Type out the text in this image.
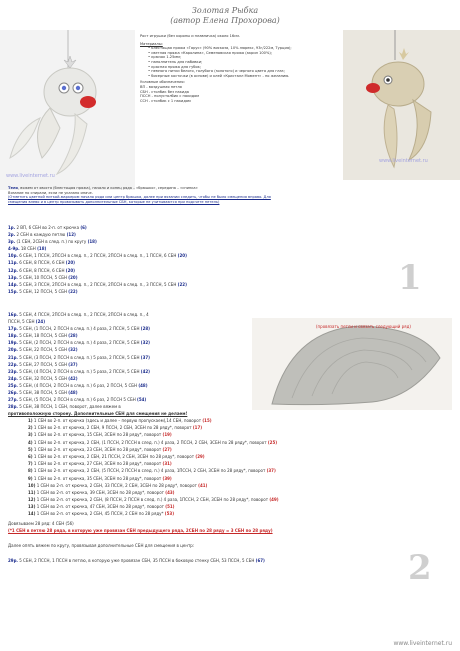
Золотая Рыбка
(автор Елена Прохорова)
www.liveinternet.ru
www.liveinternet.ru
Рост игрушки (без короны и плавничка) около 16см.
Материалы:
• блестящая пряжа «Гарус» (90% вискоза, 10% люрекс, 93г/222м, Турция);
• светлая пряжа «Каролина», Семеновская пряжа (акрил 100%);
• крючок 1.25мм;
• наполнитель для набивки;
• красная пряжа для губок;
• немного нитки белого, голубого (золотого) и черного цвета для глаз;
• бисерные косточки (в основе) и клей «Кристалл Момент» - по желанию.
Условные обозначения:
ВП - воздушная петля
СБН - столбик без накида
ПССН - полустолбик с накидом
ССН - столбик с 1 накидом
Тело, вяжем от хвоста (блестящая пряжа), начало и конец ряда – «брюшко», середина – «спинка»
Вязание по спирали, если не указано иначе.
(Отметить цветной ниткой-маркером начало ряда или центр брюшка, далее при вязании следить, чтобы не было смещения вправо. Для
смещения влево и в центр провязывать дополнительные СБН, которые не учитываются при подсчете петель)
1р. 2 ВП, 6 СБН во 2-п. от крючка (6)
2р. 2 СБН в каждую петлю (12)
3р. (1 СБН, 2СБН в след. п.) по кругу (18)
4-9р. 18 СБН (18)
10р. 6 СБН, 1 ПССН, 2ПССН в след. п., 2 ПССН, 2ПССН в след. п., 1 ПССН, 6 СБН (20)
11р. 6 СБН, 8 ПССН, 6 СБН (20)
12р. 6 СБН, 8 ПССН, 6 СБН (20)
13р. 5 СБН, 10 ПССН, 5 СБН (20)
14р. 5 СБН, 3 ПССН, 2ПССН в след. п., 2 ПССН, 2ПССН в след. п., 3 ПССН, 5 СБН (22)
15р. 5 СБН, 12 ПССН, 5 СБН (22)	1
(провязать петли и связать следующий ряд)
16р. 5 СБН, 4 ПССН, 2ПССН в след. п., 2 ПССН, 2ПССН в след. п., 4
ПССН, 5 СБН (24)
17р. 5 СБН, (1 ПССН, 2 ПССН в след. п.) 4 раза, 2 ПССН, 5 СБН (28)
18р. 5 СБН, 18 ПССН, 5 СБН (28)
19р. 5 СБН, (2 ПССН, 2 ПССН в след. п.) 4 раза, 2 ПССН, 5 СБН (32)
20р. 5 СБН, 22 ПССН, 5 СБН (32)
21р. 5 СБН, (3 ПССН, 2 ПССН в след. п.) 5 раза, 2 ПССН, 5 СБН (37)
22р. 5 СБН, 27 ПССН, 5 СБН (37)
23р. 5 СБН, (4 ПССН, 2 ПССН в след. п.) 5 раза, 2 ПССН, 5 СБН (42)
24р. 5 СБН, 32 ПССН, 5 СБН (42)
25р. 5 СБН, (4 ПССН, 2 ПССН в след. п.) 6 раз, 2 ПССН, 5 СБН (48)
26р. 5 СБН, 38 ПССН, 5 СБН (48)
27р. 5 СБН, (5 ПССН, 2 ПССН в след. п.) 6 раз, 2 ПССН 5 СБН (54)
28р. 5 СБН, 38 ПССН, 1 СБН, поворот, далее вяжем в
противоположную сторону. Дополнительные СБН для смещения не делаем!
1) 1 СБН во 2-п. от крючка (здесь и далее – первую пропускаем),14 СБН, поворот (15)
2) 1 СБН во 2-п. от крючка, 2 СБН, 9 ПССН, 2 СБН, 3СБН по 28 ряду*, поворот (17)
3) 1 СБН во 2-п. от крючка, 15 СБН, 3СБН по 28 ряду*, поворот (19)
4) 1 СБН во 2-п. от крючка, 2 СБН, (1 ПССН, 2 ПССН в след. п.) 4 раза, 2 ПССН, 2 СБН, 3СБН по 28 ряду*, поворот (25)
5) 1 СБН во 2-п. от крючка, 23 СБН, 3СБН по 28 ряду*, поворот (27)
6) 1 СБН во 2-п. от крючка, 2 СБН, 21 ПССН, 2 СБН, 3СБН по 28 ряду*, поворот (29)
7) 1 СБН во 2-п. от крючка, 27 СБН, 3СБН по 28 ряду*, поворот (31)
8) 1 СБН во 2-п. от крючка, 2 СБН, (5 ПССН, 2 ПССН в след. п.) 4 раза, 1ПССН, 2 СБН, 3СБН по 28 ряду*, поворот (37)
9) 1 СБН во 2-п. от крючка, 35 СБН, 3СБН по 28 ряду*, поворот (39)
10) 1 СБН во 2-п. от крючка, 2 СБН, 33 ПССН, 2 СБН, 3СБН по 28 ряду*, поворот (41)
11) 1 СБН во 2-п. от крючка, 39 СБН, 3СБН по 28 ряду*, поворот (43)
12) 1 СБН во 2-п. от крючка, 2 СБН, (8 ПССН, 2 ПССН в след. п.) 4 раза, 1ПССН, 2 СБН, 3СБН по 28 ряду*, поворот (49)
13) 1 СБН во 2-п. от крючка, 47 СБН, 3СБН по 28 ряду*, поворот (51)
14) 1 СБН во 2-п. от крючка, 2 СБН, 45 ПССН, 2 СБН по 28 ряду* (53)
Довязываем 28 ряд: 4 СБН (56)
(*1 СБН в петлю 28 ряда, в которую уже провязан СБН предыдущего ряда, 2СБН по 28 ряду = 3 СБН по 28 ряду)
Далее опять вяжем по кругу, провязывая дополнительные СБН для смещения в центр:
2
29р. 5 СБН, 2 ПССН, 1 ПССН в петлю, в которую уже провязан СБН, 35 ПССН в боковую стенку СБН, 53 ПССН, 5 СБН (67)
www.liveinternet.ru
